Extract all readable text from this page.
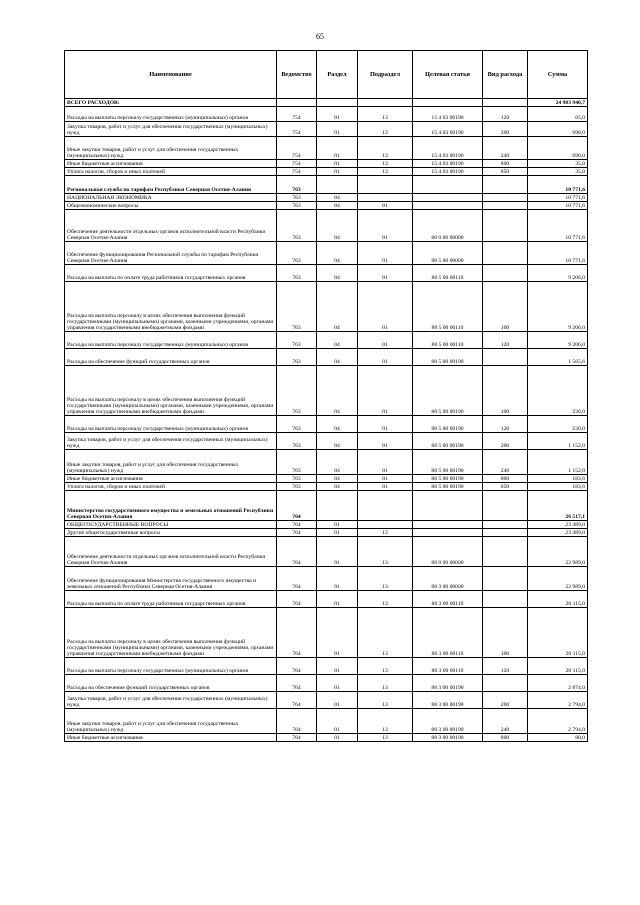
65
Наименование	Ведомство	Раздел	Подраздел	Целевая статья	Вид расхода	Сумма
ВСЕГО РАСХОДОВ:						24 983 940,7
Расходы на выплаты персоналу государственных (муниципальных) органов	754	01	13	15 4 03 00190	120	65,0
Закупка товаров, работ и услуг для обеспечения государственных (муниципальных) нужд	754	01	13	15 4 03 00190	200	690,0
Иные закупки товаров, работ и услуг для обеспечения государственных (муниципальных) нужд	754	01	13	15 4 03 00190	240	690,0
Иные бюджетные ассигнования	754	01	13	15 4 03 00190	800	35,0
Уплата налогов, сборов и иных платежей	754	01	13	15 4 03 00190	850	35,0
Региональная служба по тарифам Республики Северная Осетия-Алания	763					10 771,6
НАЦИОНАЛЬНАЯ ЭКОНОМИКА	763	04				10 771,6
Общеэкономические вопросы	763	04	01			10 771,6
Обеспечение деятельности отдельных органов исполнительной власти Республики Северная Осетия-Алания	763	04	01	88 0 00 00000		10 771,6
Обеспечение функционирования Региональной службы по тарифам Республики Северная Осетия-Алания	763	04	01	88 5 00 00000		10 771,6
Расходы на выплаты по оплате труда работников государственных органов	763	04	01	88 5 00 00110		9 206,0
Расходы на выплаты персоналу в целях обеспечения выполнения функций государственными (муниципальными) органами, казенными учреждениями, органами управления государственными внебюджетными фондами	763	04	01	88 5 00 00110	100	9 206,0
Расходы на выплаты персоналу государственных (муниципальных) органов	763	04	01	88 5 00 00110	120	9 206,0
Расходы на обеспечение функций государственных органов	763	04	01	88 5 00 00190		1 565,6
Расходы на выплаты персоналу в целях обеспечения выполнения функций государственными (муниципальными) органами, казенными учреждениями, органами управления государственными внебюджетными фондами	763	04	01	88 5 00 00190	100	230,0
Расходы на выплаты персоналу государственных (муниципальных) органов	763	04	01	88 5 00 00190	120	230,0
Закупка товаров, работ и услуг для обеспечения государственных (муниципальных) нужд	763	04	01	88 5 00 00190	200	1 152,0
Иные закупки товаров, работ и услуг для обеспечения государственных (муниципальных) нужд	763	04	01	88 5 00 00190	240	1 152,0
Иные бюджетные ассигнования	763	04	01	88 5 00 00190	800	183,6
Уплата налогов, сборов и иных платежей	763	04	01	88 5 00 00190	850	183,6
Министерство государственного имущества и земельных отношений Республики Северная Осетия-Алания	764					26 517,1
ОБЩЕГОСУДАРСТВЕННЫЕ ВОПРОСЫ	764	01				23 489,0
Другие общегосударственные вопросы	764	01	13			23 489,0
Обеспечение деятельности отдельных органов исполнительной власти Республики Северная Осетия-Алания	764	01	13	88 0 00 00000		22 989,0
Обеспечение функционирования Министерства государственного имущества и земельных отношений Республики Северная Осетия-Алания	764	01	13	88 3 00 00000		22 989,0
Расходы на выплаты по оплате труда работников государственных органов	764	01	13	88 3 00 00110		20 115,0
Расходы на выплаты персоналу в целях обеспечения выполнения функций государственными (муниципальными) органами, казенными учреждениями, органами управления государственными внебюджетными фондами	764	01	13	88 3 00 00110	100	20 115,0
Расходы на выплаты персоналу государственных (муниципальных) органов	764	01	13	88 3 00 00110	120	20 115,0
Расходы на обеспечение функций государственных органов	764	01	13	88 3 00 00190		2 874,0
Закупка товаров, работ и услуг для обеспечения государственных (муниципальных) нужд	764	01	13	88 3 00 00190	200	2 794,0
Иные закупки товаров, работ и услуг для обеспечения государственных (муниципальных) нужд	764	01	13	88 3 00 00190	240	2 794,0
Иные бюджетные ассигнования	764	01	13	88 3 00 00190	800	80,0
